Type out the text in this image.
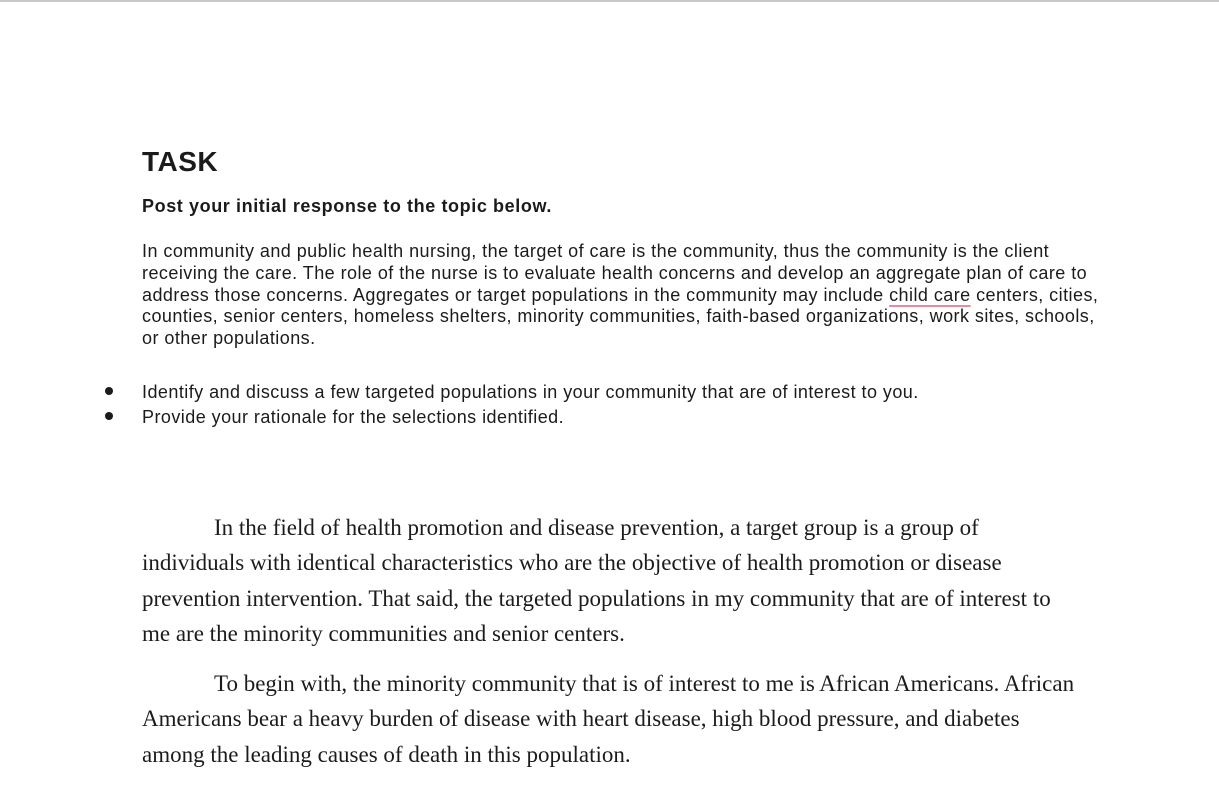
TASK
Post your initial response to the topic below.

In community and public health nursing, the target of care is the community, thus the community is the client receiving the care. The role of the nurse is to evaluate health concerns and develop an aggregate plan of care to address those concerns. Aggregates or target populations in the community may include child care centers, cities, counties, senior centers, homeless shelters, minority communities, faith-based organizations, work sites, schools, or other populations.

Identify and discuss a few targeted populations in your community that are of interest to you.
Provide your rationale for the selections identified.

In the field of health promotion and disease prevention, a target group is a group of individuals with identical characteristics who are the objective of health promotion or disease prevention intervention. That said, the targeted populations in my community that are of interest to me are the minority communities and senior centers.

To begin with, the minority community that is of interest to me is African Americans. African Americans bear a heavy burden of disease with heart disease, high blood pressure, and diabetes among the leading causes of death in this population.
